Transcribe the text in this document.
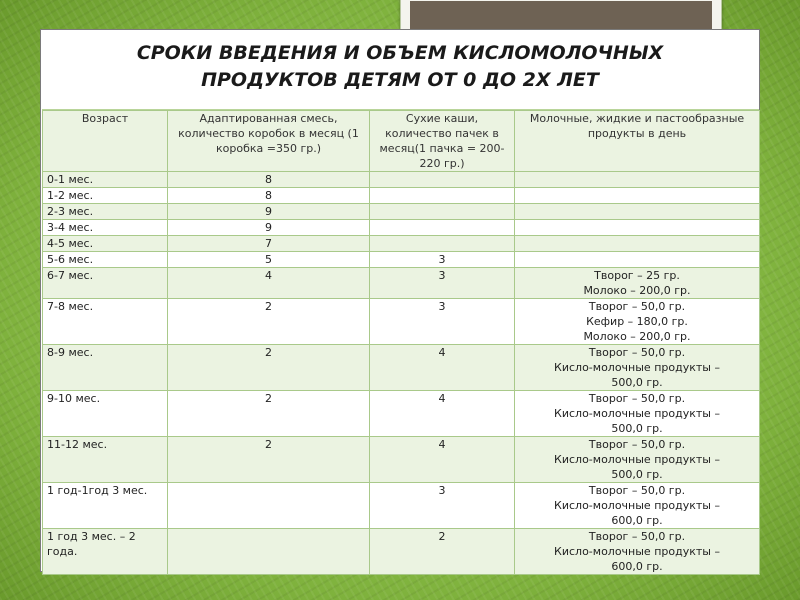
СРОКИ ВВЕДЕНИЯ И ОБЪЕМ КИСЛОМОЛОЧНЫХ
ПРОДУКТОВ ДЕТЯМ ОТ 0 ДО 2Х ЛЕТ
Возраст	Адаптированная смесь, количество коробок в месяц (1 коробка =350 гр.)	Сухие каши, количество пачек в месяц(1 пачка = 200-220 гр.)	Молочные, жидкие и пастообразные продукты в день
0-1 мес.	8		
1-2 мес.	8		
2-3 мес.	9		
3-4 мес.	9		
4-5 мес.	7		
5-6 мес.	5	3	
6-7 мес.	4	3	Творог – 25 гр.
Молоко – 200,0 гр.

7-8 мес.	2	3	Творог – 50,0 гр.
Кефир – 180,0 гр.
Молоко – 200,0 гр.

8-9 мес.	2	4	Творог – 50,0 гр.
Кисло-молочные продукты –
500,0 гр.

9-10 мес.	2	4	Творог – 50,0 гр.
Кисло-молочные продукты –
500,0 гр.

11-12 мес.	2	4	Творог – 50,0 гр.
Кисло-молочные продукты –
500,0 гр.

1 год-1год 3 мес.		3	Творог – 50,0 гр.
Кисло-молочные продукты –
600,0 гр.

1 год 3 мес. – 2 года.		2	Творог – 50,0 гр.
Кисло-молочные продукты –
600,0 гр.
